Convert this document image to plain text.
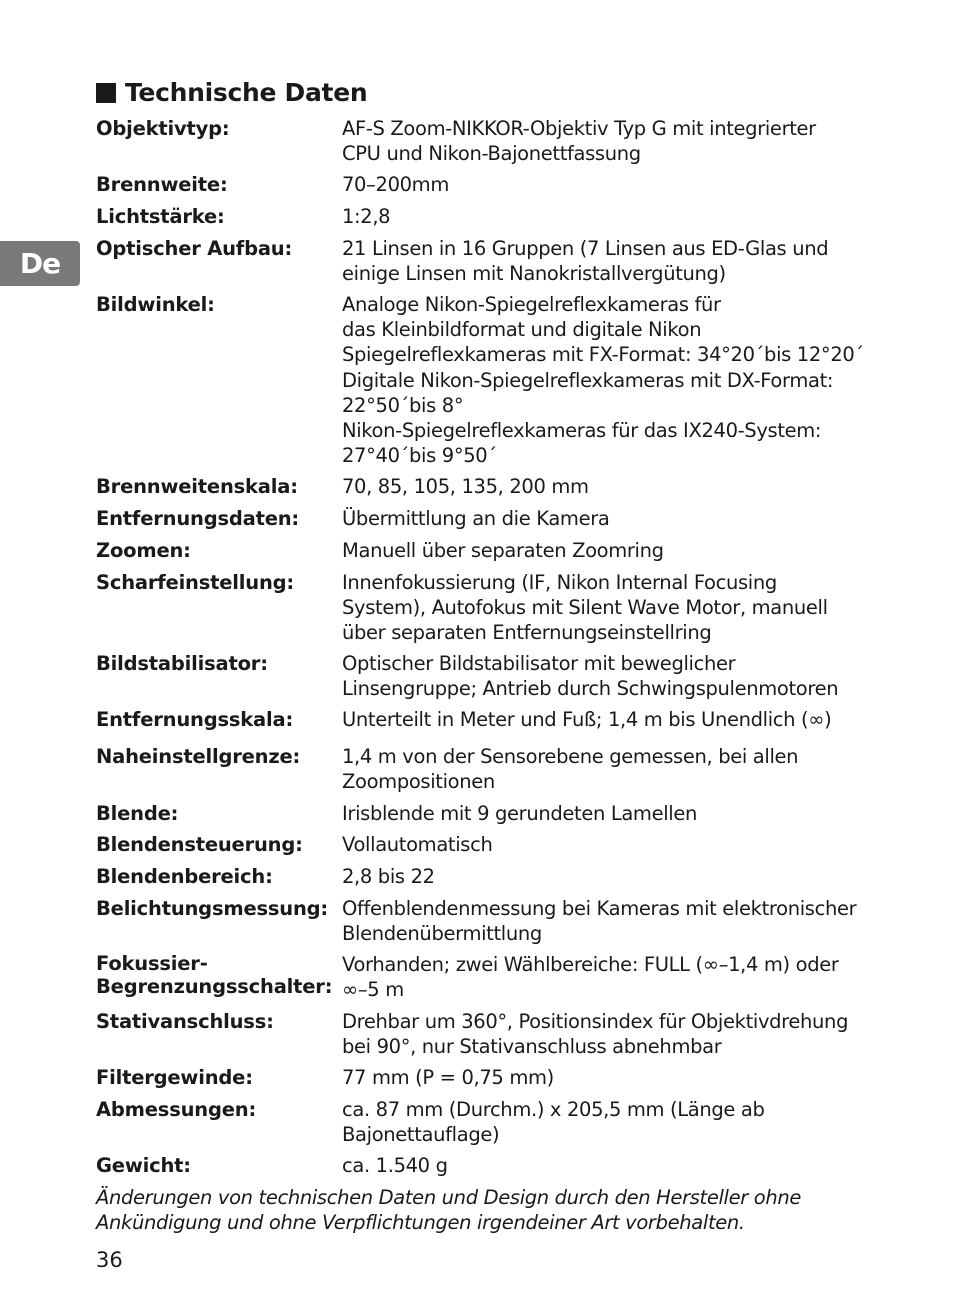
De
Technische Daten
Objektivtyp:	AF-S Zoom-NIKKOR-Objektiv Typ G mit integrierter
CPU und Nikon-Bajonettfassung
Brennweite:	70–200mm
Lichtstärke:	1:2,8
Optischer Aufbau:	21 Linsen in 16 Gruppen (7 Linsen aus ED-Glas und
einige Linsen mit Nanokristallvergütung)
Bildwinkel:	Analoge Nikon-Spiegelreflexkameras für
das Kleinbildformat und digitale Nikon
Spiegelreflexkameras mit FX-Format: 34°20´bis 12°20´
Digitale Nikon-Spiegelreflexkameras mit DX-Format:
22°50´bis 8°
Nikon-Spiegelreflexkameras für das IX240-System:
27°40´bis 9°50´
Brennweitenskala:	70, 85, 105, 135, 200 mm
Entfernungsdaten:	Übermittlung an die Kamera
Zoomen:	Manuell über separaten Zoomring
Scharfeinstellung:	Innenfokussierung (IF, Nikon Internal Focusing
System), Autofokus mit Silent Wave Motor, manuell
über separaten Entfernungseinstellring
Bildstabilisator:	Optischer Bildstabilisator mit beweglicher
Linsengruppe; Antrieb durch Schwingspulenmotoren
Entfernungsskala:	Unterteilt in Meter und Fuß; 1,4 m bis Unendlich (∞)
Naheinstellgrenze:	1,4 m von der Sensorebene gemessen, bei allen
Zoompositionen
Blende:	Irisblende mit 9 gerundeten Lamellen
Blendensteuerung:	Vollautomatisch
Blendenbereich:	2,8 bis 22
Belichtungsmessung: Offenblendenmessung bei Kameras mit elektronischer
Blendenübermittlung
Fokussier-
Begrenzungsschalter:
Vorhanden; zwei Wählbereiche: FULL (∞–1,4 m) oder
∞–5 m
Stativanschluss:	Drehbar um 360°, Positionsindex für Objektivdrehung
bei 90°, nur Stativanschluss abnehmbar
Filtergewinde:	77 mm (P = 0,75 mm)
Abmessungen:	ca. 87 mm (Durchm.) x 205,5 mm (Länge ab
Bajonettauflage)
Gewicht:	ca. 1.540 g
Änderungen von technischen Daten und Design durch den Hersteller ohne
Ankündigung und ohne Verpflichtungen irgendeiner Art vorbehalten.
36
